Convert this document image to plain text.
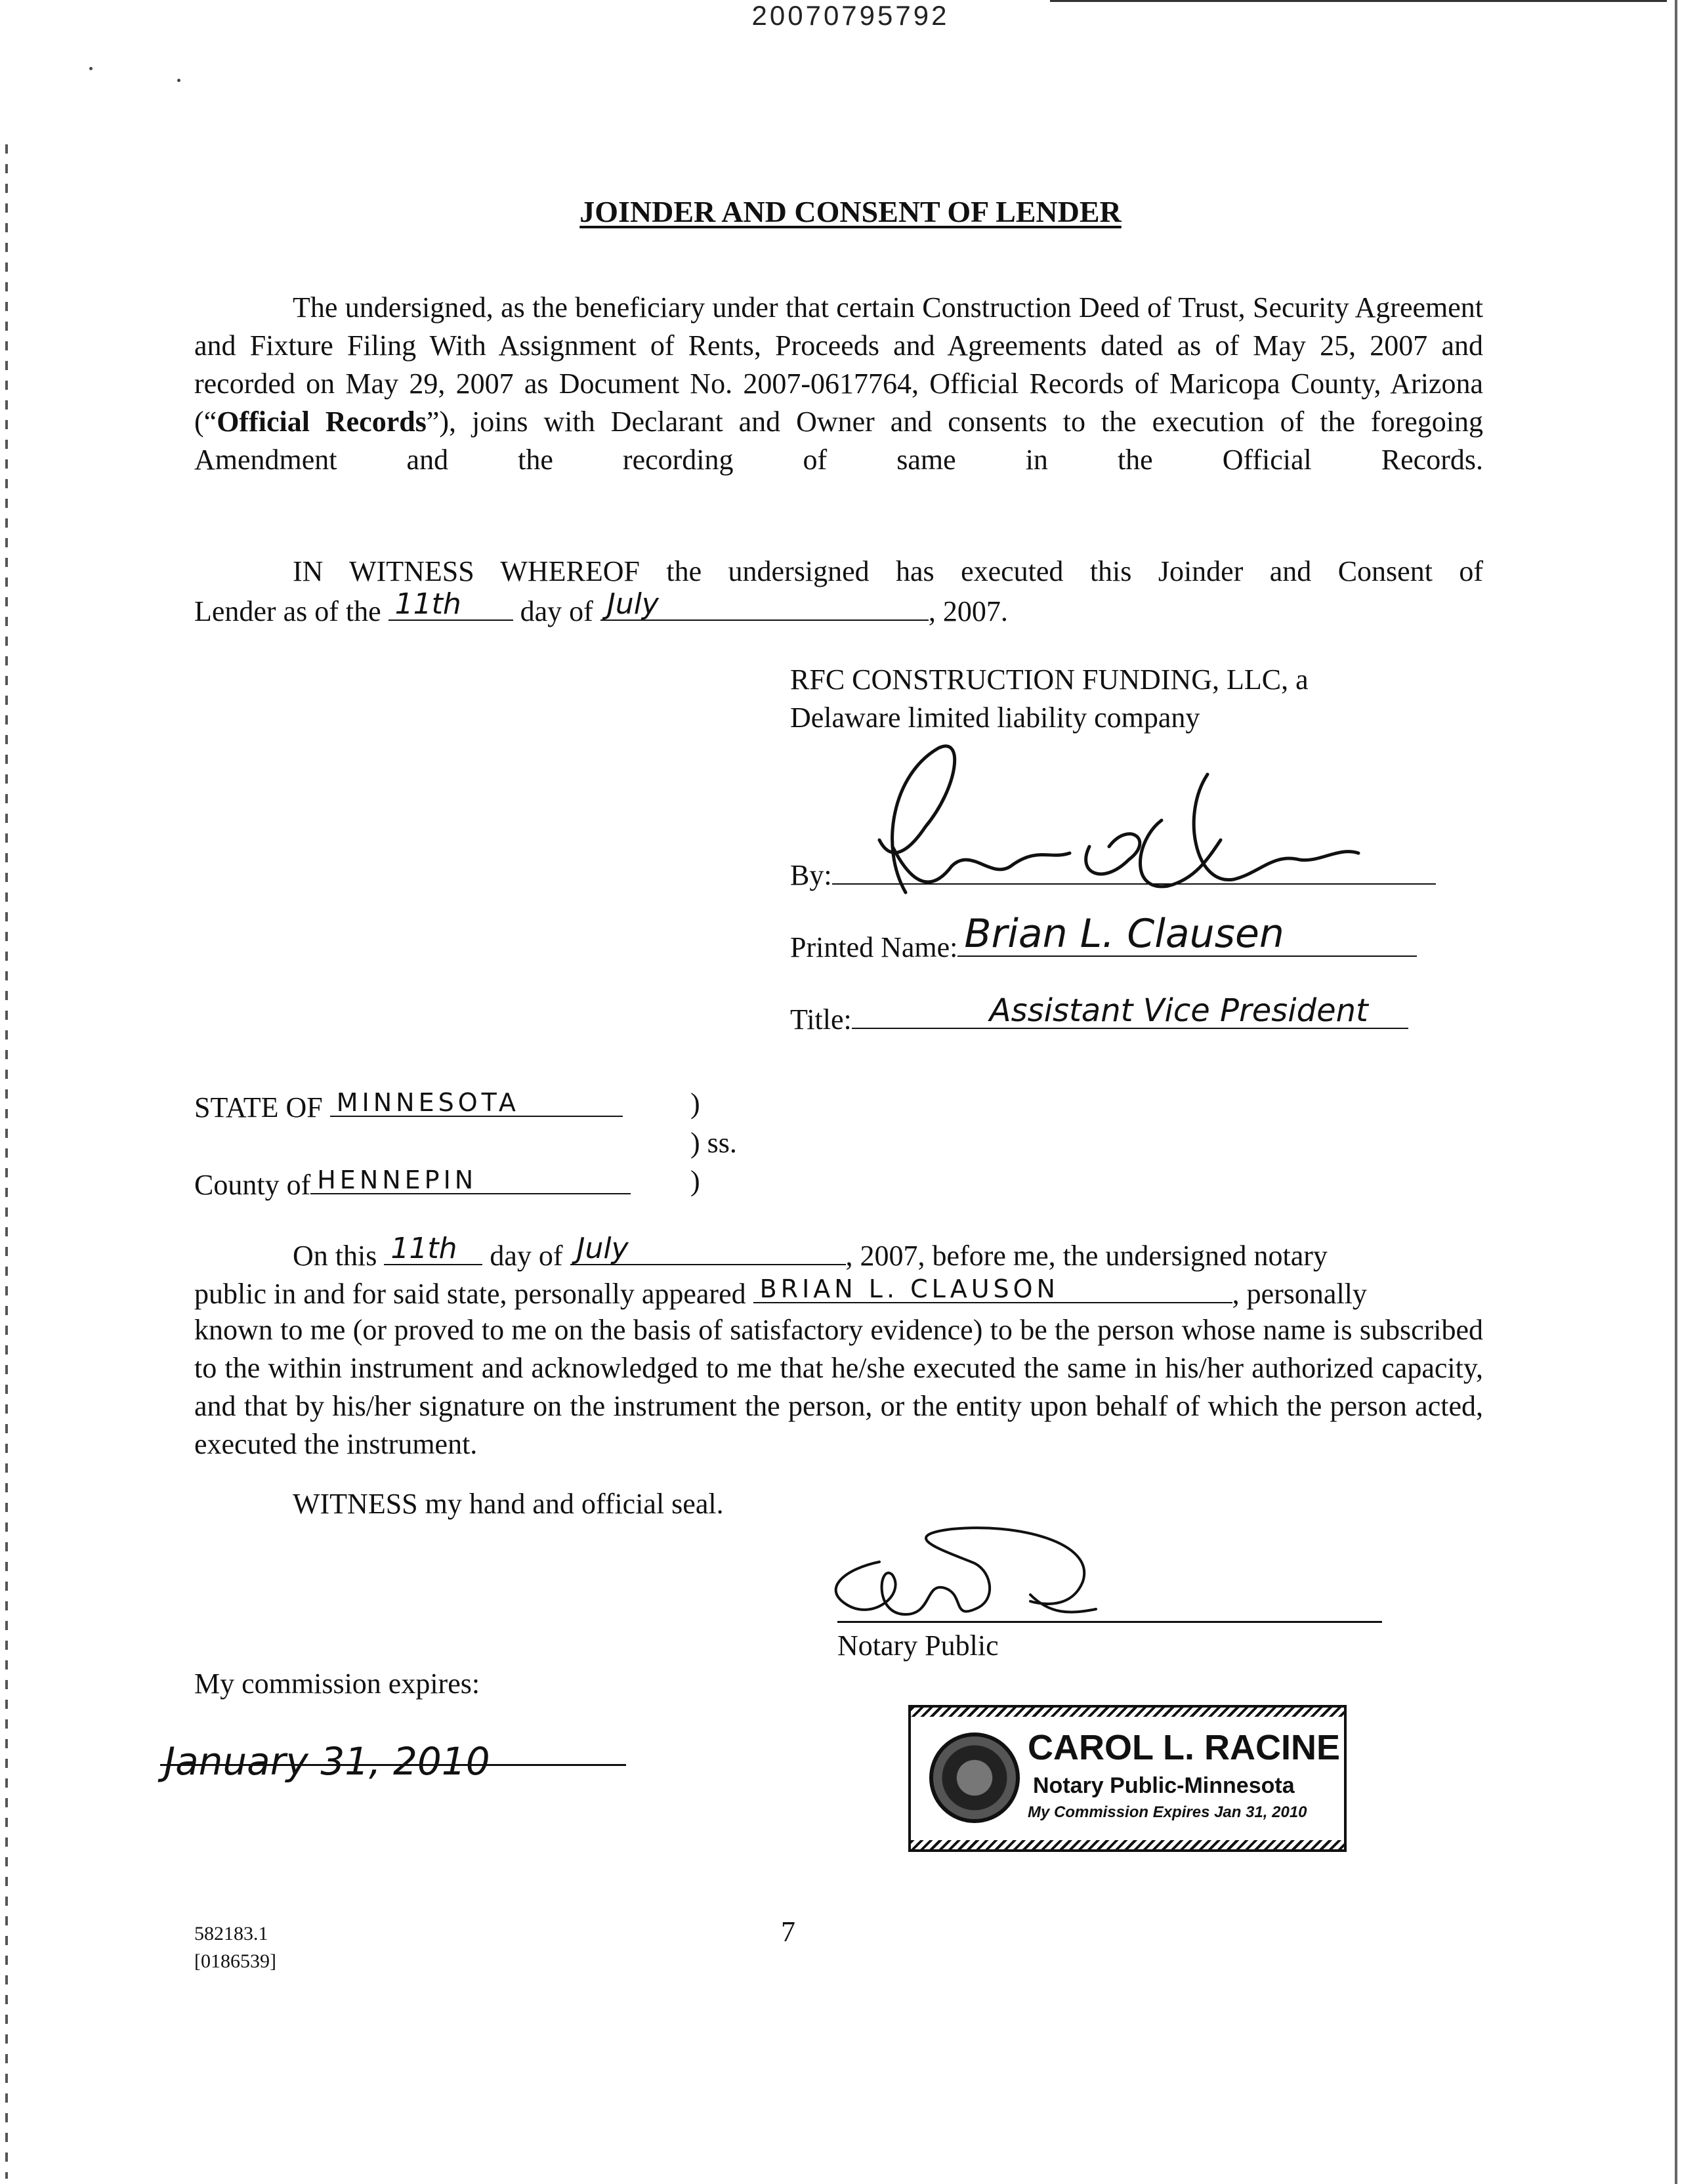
20070795792
JOINDER AND CONSENT OF LENDER
The undersigned, as the beneficiary under that certain Construction Deed of Trust, Security Agreement and Fixture Filing With Assignment of Rents, Proceeds and Agreements dated as of May 25, 2007 and recorded on May 29, 2007 as Document No. 2007-0617764, Official Records of Maricopa County, Arizona (“Official Records”), joins with Declarant and Owner and consents to the execution of the foregoing Amendment and the recording of same in the Official Records.
IN WITNESS WHEREOF the undersigned has executed this Joinder and Consent of
Lender as of the 11th day of July	, 2007.
RFC CONSTRUCTION FUNDING, LLC, a
Delaware limited liability company
By:
Printed Name: Brian L. Clausen
Title:	Assistant Vice President
STATE OF MINNESOTA	)
) ss.
County of HENNEPIN	)
On this 11th day of July	, 2007, before me, the undersigned notary
public in and for said state, personally appeared BRIAN L. CLAUSON	, personally
known to me (or proved to me on the basis of satisfactory evidence) to be the person whose name is subscribed to the within instrument and acknowledged to me that he/she executed the same in his/her authorized capacity, and that by his/her signature on the instrument the person, or the entity upon behalf of which the person acted, executed the instrument.
WITNESS my hand and official seal.
Notary Public
My commission expires:
January 31, 2010	CAROL L. RACINE
Notary Public-Minnesota
My Commission Expires Jan 31, 2010
582183.1
[0186539]
7
